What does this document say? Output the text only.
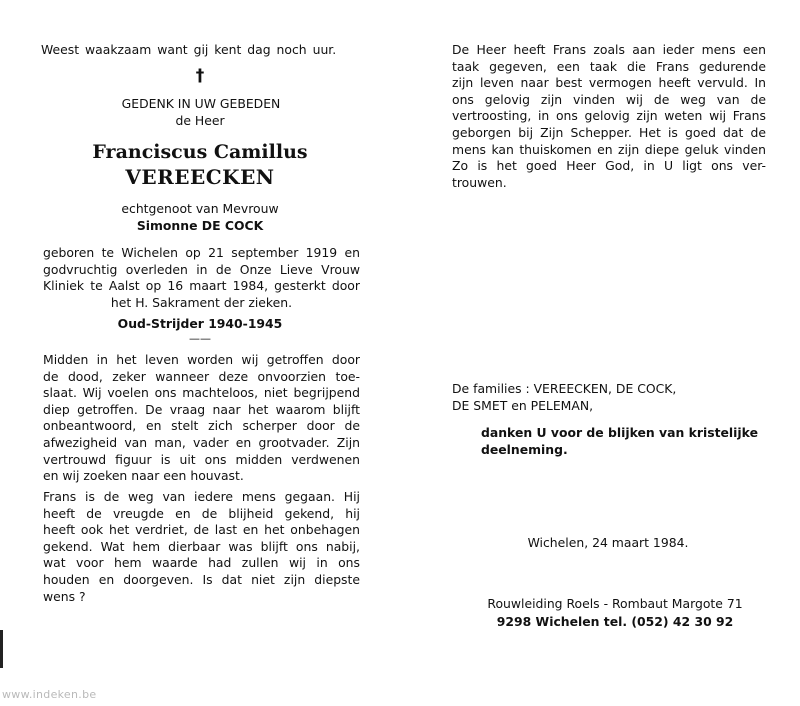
Weest waakzaam want gij kent dag noch uur.
†
GEDENK IN UW GEBEDEN
de Heer
Franciscus Camillus
VEREECKEN
echtgenoot van Mevrouw
Simonne DE COCK
geboren te Wichelen op 21 september 1919 en
godvruchtig overleden in de Onze Lieve Vrouw
Kliniek te Aalst op 16 maart 1984, gesterkt door
het H. Sakrament der zieken.
Oud-Strijder 1940-1945
——
Midden in het leven worden wij getroffen door
de dood, zeker wanneer deze onvoorzien toe-
slaat. Wij voelen ons machteloos, niet begrijpend
diep getroffen. De vraag naar het waarom blijft
onbeantwoord, en stelt zich scherper door de
afwezigheid van man, vader en grootvader. Zijn
vertrouwd figuur is uit ons midden verdwenen
en wij zoeken naar een houvast.
Frans is de weg van iedere mens gegaan. Hij
heeft de vreugde en de blijheid gekend, hij
heeft ook het verdriet, de last en het onbehagen
gekend. Wat hem dierbaar was blijft ons nabij,
wat voor hem waarde had zullen wij in ons
houden en doorgeven. Is dat niet zijn diepste
wens ?
De Heer heeft Frans zoals aan ieder mens een
taak gegeven, een taak die Frans gedurende
zijn leven naar best vermogen heeft vervuld. In
ons gelovig zijn vinden wij de weg van de
vertroosting, in ons gelovig zijn weten wij Frans
geborgen bij Zijn Schepper. Het is goed dat de
mens kan thuiskomen en zijn diepe geluk vinden
Zo is het goed Heer God, in U ligt ons ver-
trouwen.
De families : VEREECKEN, DE COCK,
DE SMET en PELEMAN,
danken U voor de blijken van kristelijke
deelneming.
Wichelen, 24 maart 1984.
Rouwleiding Roels - Rombaut Margote 71
9298 Wichelen tel. (052) 42 30 92
www.indeken.be
